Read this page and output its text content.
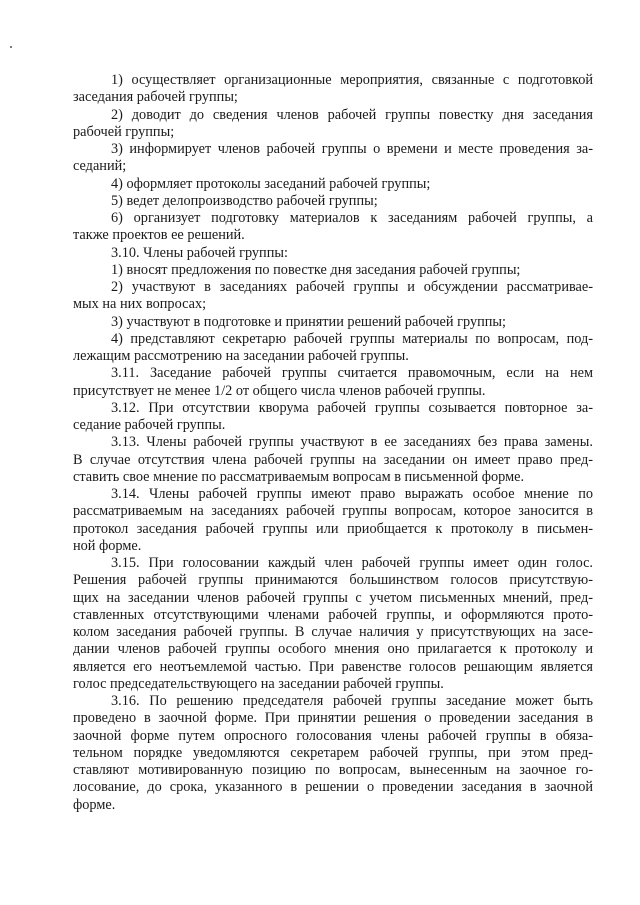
1) осуществляет организационные мероприятия, связанные с подготовкой
заседания рабочей группы;

2) доводит до сведения членов рабочей группы повестку дня заседания
рабочей группы;

3) информирует членов рабочей группы о времени и месте проведения за-
седаний;

4) оформляет протоколы заседаний рабочей группы;

5) ведет делопроизводство рабочей группы;

6) организует подготовку материалов к заседаниям рабочей группы, а
также проектов ее решений.

3.10. Члены рабочей группы:

1) вносят предложения по повестке дня заседания рабочей группы;

2) участвуют в заседаниях рабочей группы и обсуждении рассматривае-
мых на них вопросах;

3) участвуют в подготовке и принятии решений рабочей группы;

4) представляют секретарю рабочей группы материалы по вопросам, под-
лежащим рассмотрению на заседании рабочей группы.

3.11. Заседание рабочей группы считается правомочным, если на нем
присутствует не менее 1/2 от общего числа членов рабочей группы.

3.12. При отсутствии кворума рабочей группы созывается повторное за-
седание рабочей группы.

3.13. Члены рабочей группы участвуют в ее заседаниях без права замены.
В случае отсутствия члена рабочей группы на заседании он имеет право пред-
ставить свое мнение по рассматриваемым вопросам в письменной форме.

3.14. Члены рабочей группы имеют право выражать особое мнение по
рассматриваемым на заседаниях рабочей группы вопросам, которое заносится в
протокол заседания рабочей группы или приобщается к протоколу в письмен-
ной форме.

3.15. При голосовании каждый член рабочей группы имеет один голос.
Решения рабочей группы принимаются большинством голосов присутствую-
щих на заседании членов рабочей группы с учетом письменных мнений, пред-
ставленных отсутствующими членами рабочей группы, и оформляются прото-
колом заседания рабочей группы. В случае наличия у присутствующих на засе-
дании членов рабочей группы особого мнения оно прилагается к протоколу и
является его неотъемлемой частью. При равенстве голосов решающим является
голос председательствующего на заседании рабочей группы.

3.16. По решению председателя рабочей группы заседание может быть
проведено в заочной форме. При принятии решения о проведении заседания в
заочной форме путем опросного голосования члены рабочей группы в обяза-
тельном порядке уведомляются секретарем рабочей группы, при этом пред-
ставляют мотивированную позицию по вопросам, вынесенным на заочное го-
лосование, до срока, указанного в решении о проведении заседания в заочной
форме.
